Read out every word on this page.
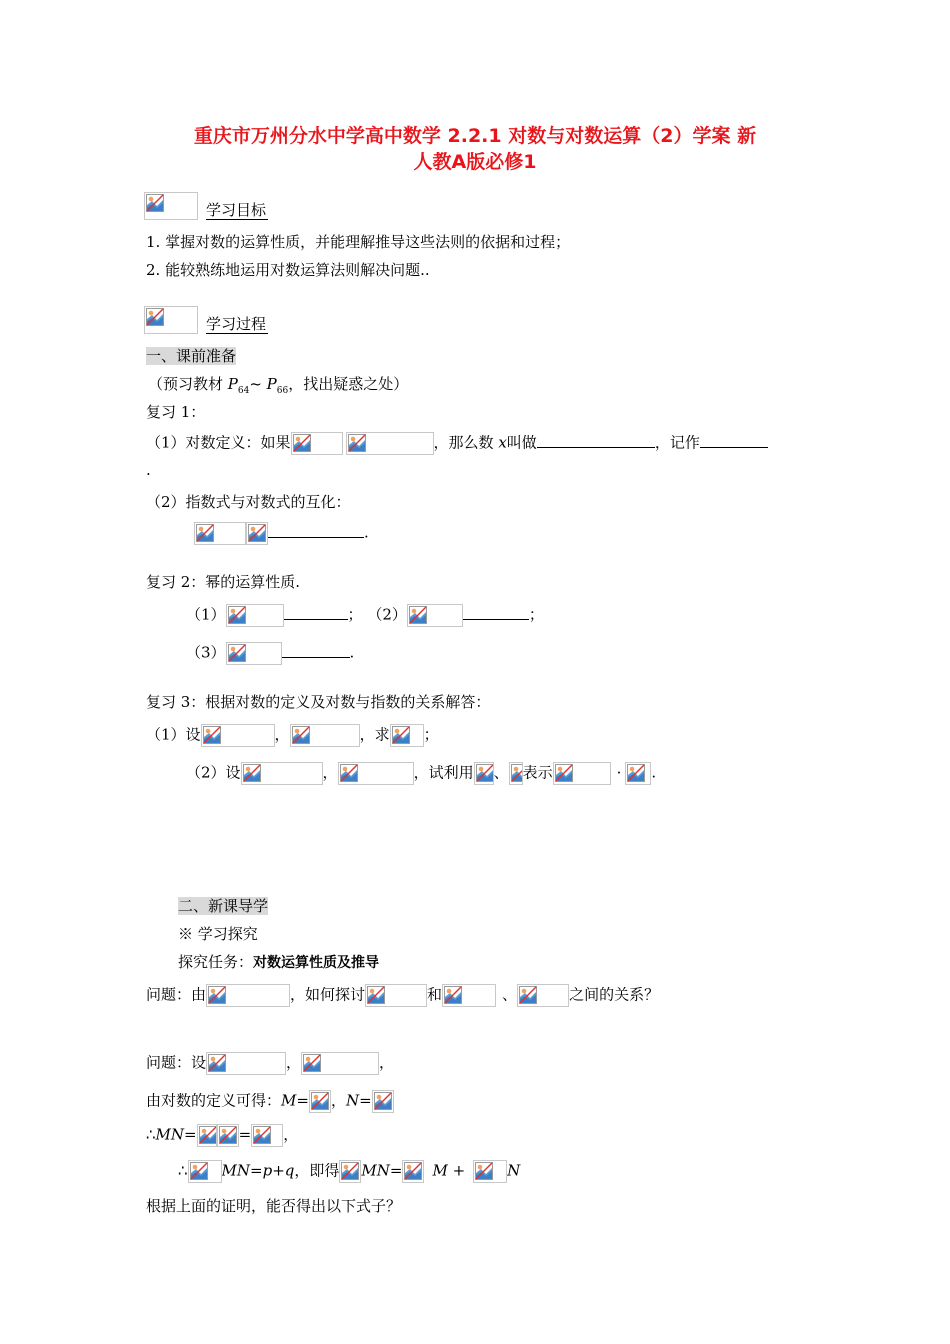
重庆市万州分水中学高中数学 2.2.1 对数与对数运算（2）学案 新
人教A版必修1
学习目标
1. 掌握对数的运算性质，并能理解推导这些法则的依据和过程；
2. 能较熟练地运用对数运算法则解决问题..
学习过程
一、课前准备
（预习教材 $P_{64}\sim$ $P_{66}$，找出疑惑之处）
复习 1：
（1）对数定义：如果	，那么数 x叫做	，记作
.
（2）指数式与对数式的互化：
.
复习 2：幂的运算性质.
（1）	； （2）	；
（3）	.
复习 3：根据对数的定义及对数与指数的关系解答：
（1）设	，	，求 ；
（2）设	，	，试利用 、 表示	· .
二、新课导学
※ 学习探究
探究任务：对数运算性质及推导
问题：由	，如何探讨	和	、	之间的关系？
问题：设	，	，
由对数的定义可得：M= ，N=
∴MN=	= ，
∴ MN=p+q，即得 MN= M +	N
根据上面的证明，能否得出以下式子？
